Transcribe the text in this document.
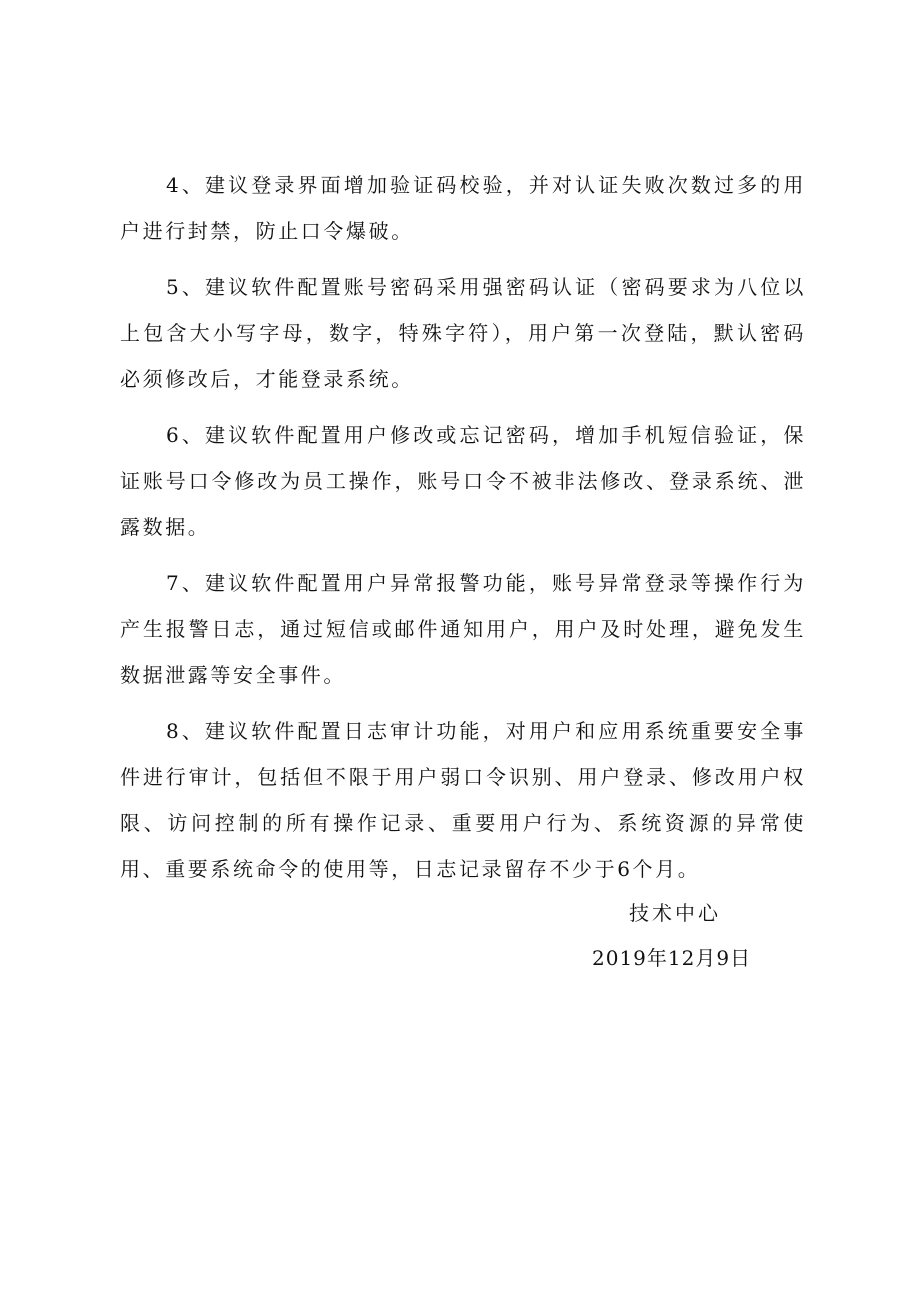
4、建议登录界面增加验证码校验，并对认证失败次数过多的用户进行封禁，防止口令爆破。

5、建议软件配置账号密码采用强密码认证（密码要求为八位以上包含大小写字母，数字，特殊字符），用户第一次登陆，默认密码必须修改后，才能登录系统。

6、建议软件配置用户修改或忘记密码，增加手机短信验证，保证账号口令修改为员工操作，账号口令不被非法修改、登录系统、泄露数据。

7、建议软件配置用户异常报警功能，账号异常登录等操作行为产生报警日志，通过短信或邮件通知用户，用户及时处理，避免发生数据泄露等安全事件。

8、建议软件配置日志审计功能，对用户和应用系统重要安全事件进行审计，包括但不限于用户弱口令识别、用户登录、修改用户权限、访问控制的所有操作记录、重要用户行为、系统资源的异常使用、重要系统命令的使用等，日志记录留存不少于6个月。

技术中心
2019年12月9日
